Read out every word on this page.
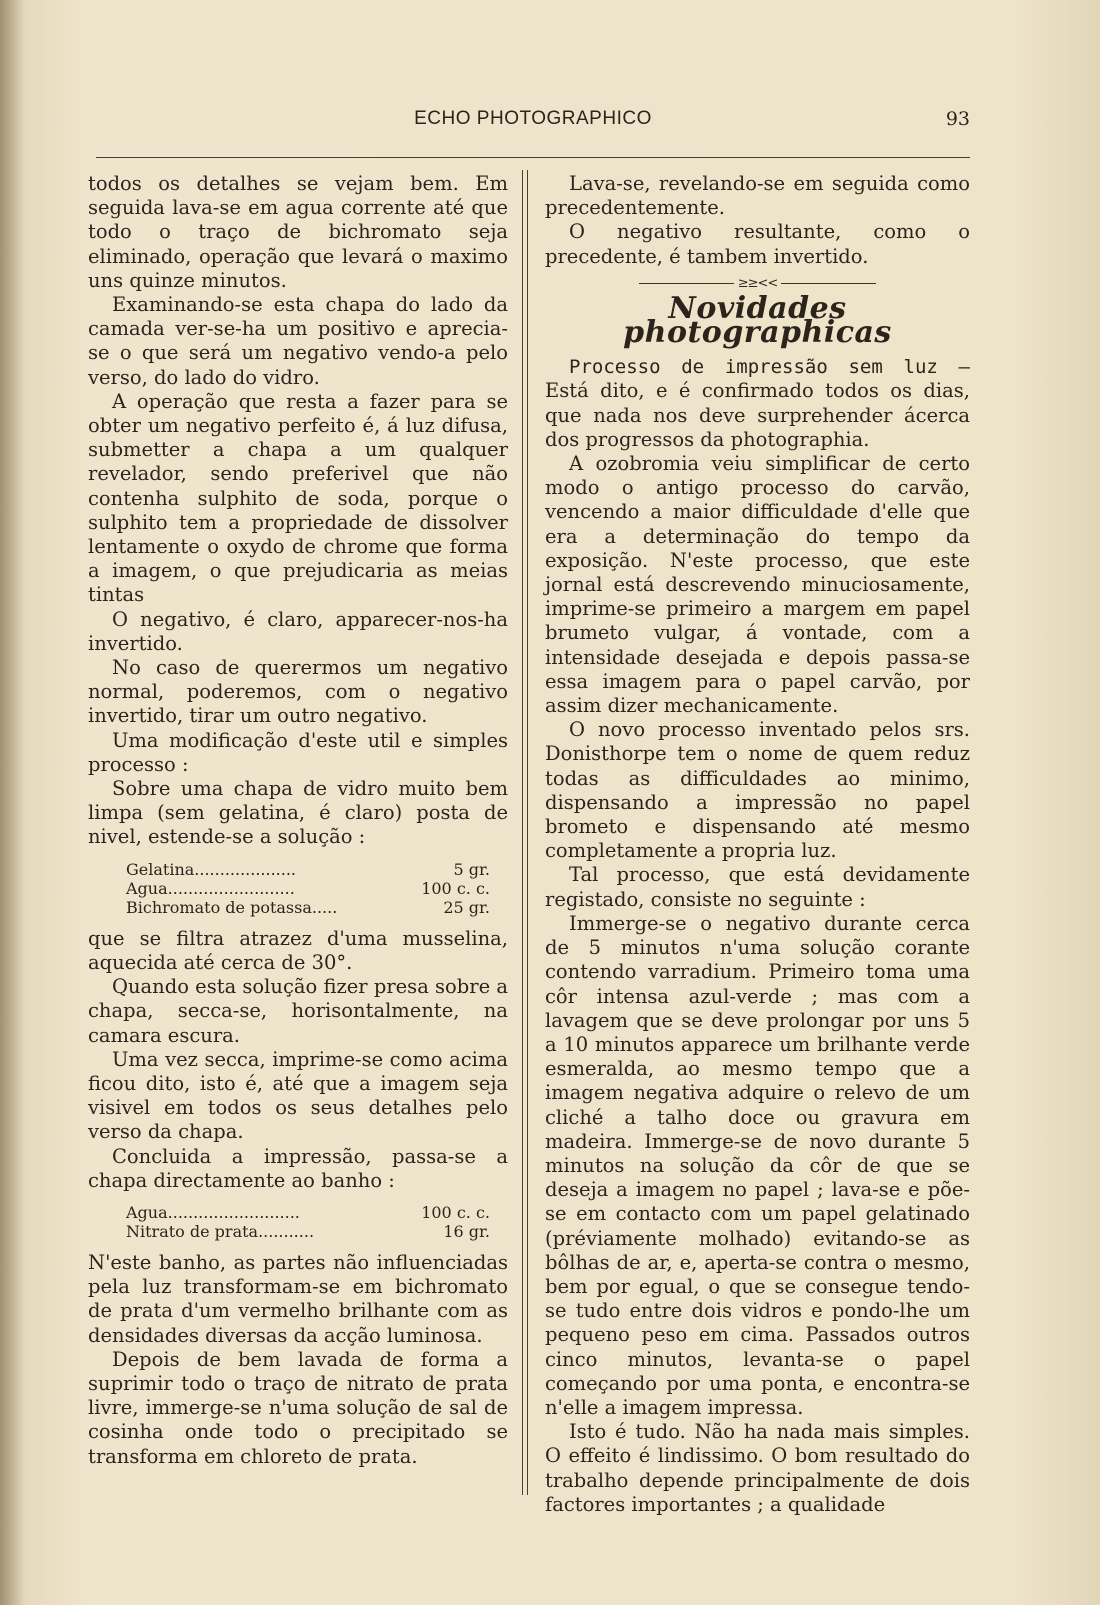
ECHO PHOTOGRAPHICO	93

todos os detalhes se vejam bem. Em seguida lava-se em agua corrente até que todo o traço de bichromato seja eliminado, operação que levará o maximo uns quinze minutos.

Examinando-se esta chapa do lado da camada ver-se-ha um positivo e aprecia-se o que será um negativo vendo-a pelo verso, do lado do vidro.

A operação que resta a fazer para se obter um negativo perfeito é, á luz difusa, submetter a chapa a um qualquer revelador, sendo preferivel que não contenha sulphito de soda, porque o sulphito tem a propriedade de dissolver lentamente o oxydo de chrome que forma a imagem, o que prejudicaria as meias tintas

O negativo, é claro, apparecer-nos-ha invertido.

No caso de querermos um negativo normal, poderemos, com o negativo invertido, tirar um outro negativo.

Uma modificação d'este util e simples processo :

Sobre uma chapa de vidro muito bem limpa (sem gelatina, é claro) posta de nivel, estende-se a solução :

Gelatina....................	5 gr.
Agua.........................	100 c. c.
Bichromato de potassa.....	25 gr.

que se filtra atrazez d'uma musselina, aquecida até cerca de 30°.

Quando esta solução fizer presa sobre a chapa, secca-se, horisontalmente, na camara escura.

Uma vez secca, imprime-se como acima ficou dito, isto é, até que a imagem seja visivel em todos os seus detalhes pelo verso da chapa.

Concluida a impressão, passa-se a chapa directamente ao banho :

Agua..........................	100 c. c.
Nitrato de prata...........	16 gr.

N'este banho, as partes não influenciadas pela luz transformam-se em bichromato de prata d'um vermelho brilhante com as densidades diversas da acção luminosa.

Depois de bem lavada de forma a suprimir todo o traço de nitrato de prata livre, immerge-se n'uma solução de sal de cosinha onde todo o precipitado se transforma em chloreto de prata.

Lava-se, revelando-se em seguida como precedentemente.

O negativo resultante, como o precedente, é tambem invertido.

≥≥<<
Novidades photographicas

Processo de impressão sem luz — Está dito, e é confirmado todos os dias, que nada nos deve surprehender ácerca dos progressos da photographia.

A ozobromia veiu simplificar de certo modo o antigo processo do carvão, vencendo a maior difficuldade d'elle que era a determinação do tempo da exposição. N'este processo, que este jornal está descrevendo minuciosamente, imprime-se primeiro a margem em papel brumeto vulgar, á vontade, com a intensidade desejada e depois passa-se essa imagem para o papel carvão, por assim dizer mechanicamente.

O novo processo inventado pelos srs. Donisthorpe tem o nome de quem reduz todas as difficuldades ao minimo, dispensando a impressão no papel brometo e dispensando até mesmo completamente a propria luz.

Tal processo, que está devidamente registado, consiste no seguinte :

Immerge-se o negativo durante cerca de 5 minutos n'uma solução corante contendo varradium. Primeiro toma uma côr intensa azul-verde ; mas com a lavagem que se deve prolongar por uns 5 a 10 minutos apparece um brilhante verde esmeralda, ao mesmo tempo que a imagem negativa adquire o relevo de um cliché a talho doce ou gravura em madeira. Immerge-se de novo durante 5 minutos na solução da côr de que se deseja a imagem no papel ; lava-se e põe-se em contacto com um papel gelatinado (préviamente molhado) evitando-se as bôlhas de ar, e, aperta-se contra o mesmo, bem por egual, o que se consegue tendo-se tudo entre dois vidros e pondo-lhe um pequeno peso em cima. Passados outros cinco minutos, levanta-se o papel começando por uma ponta, e encontra-se n'elle a imagem impressa.

Isto é tudo. Não ha nada mais simples. O effeito é lindissimo. O bom resultado do trabalho depende principalmente de dois factores importantes ; a qualidade
